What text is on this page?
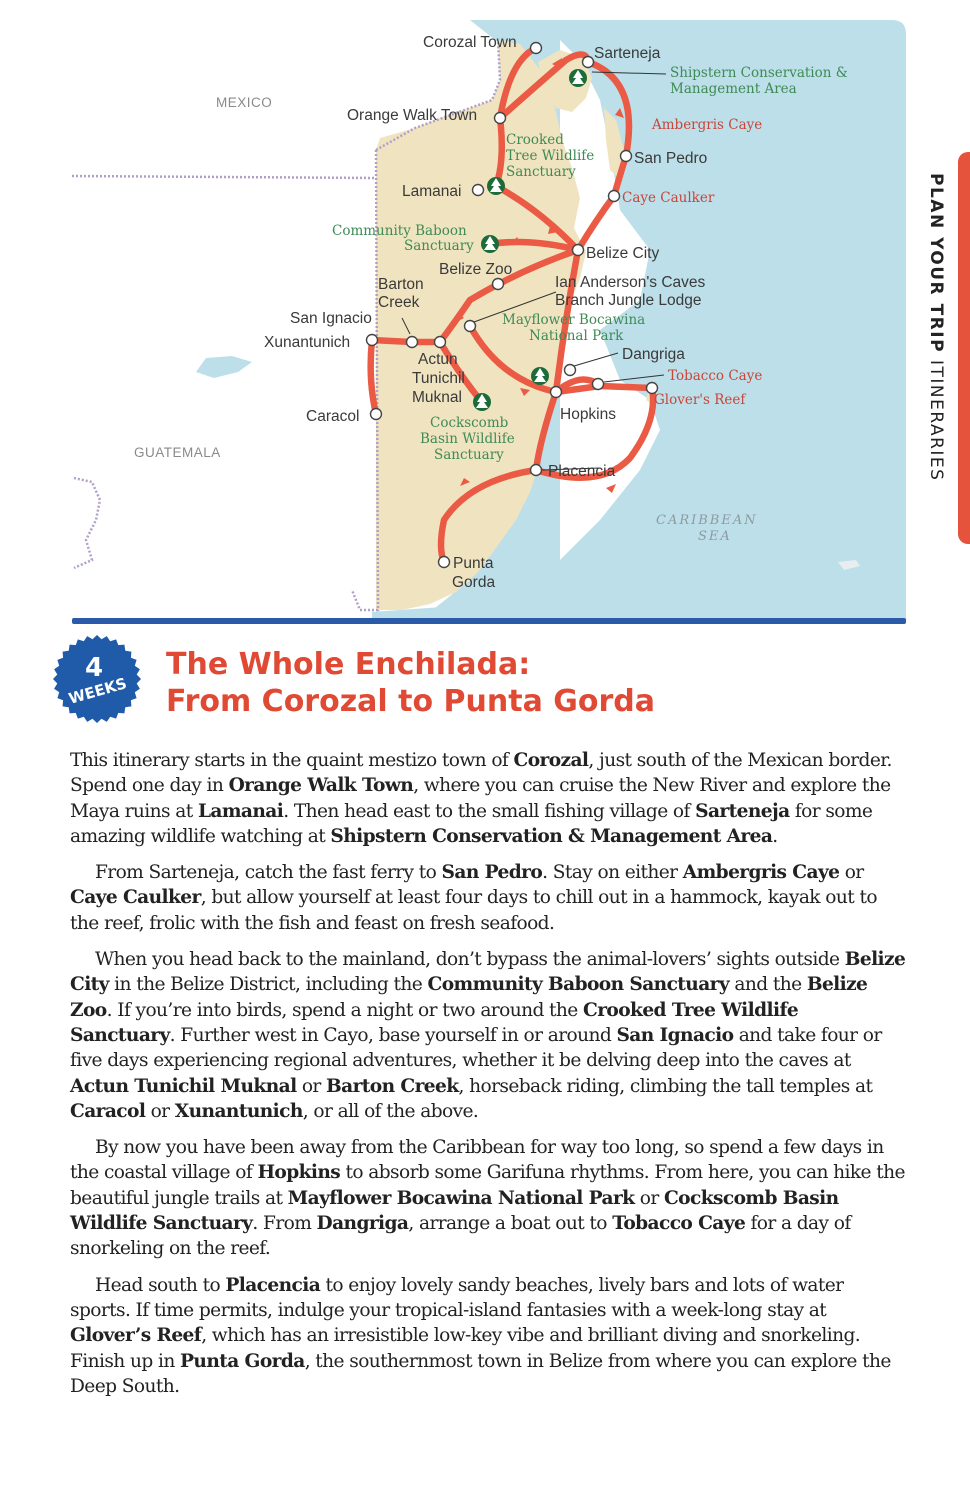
MEXICO
GUATEMALA
CARIBBEAN
SEA
Corozal Town
Sarteneja
Shipstern Conservation &
Management Area
Orange Walk Town
Ambergris Caye
Crooked
Tree Wildlife
Sanctuary
San Pedro
Lamanai	Caye Caulker
Community Baboon
Sanctuary	Belize City
Belize Zoo
Barton
Creek
Ian Anderson's Caves
Branch Jungle Lodge
San Ignacio	Mayflower Bocawina
National Park
Xunantunich
Dangriga
Actun
Tunichil
Muknal
Tobacco Caye
Glover's Reef
Caracol	Hopkins
Cockscomb
Basin Wildlife
Sanctuary
Placencia
Punta
Gorda
PLAN YOUR TRIP ITINERARIES
4
WEEKS
The Whole Enchilada:
From Corozal to Punta Gorda

This itinerary starts in the quaint mestizo town of Corozal, just south of the Mexican border. Spend one day in Orange Walk Town, where you can cruise the New River and explore the Maya ruins at Lamanai. Then head east to the small fishing village of Sarteneja for some amazing wildlife watching at Shipstern Conservation & Management Area.

From Sarteneja, catch the fast ferry to San Pedro. Stay on either Ambergris Caye or Caye Caulker, but allow yourself at least four days to chill out in a hammock, kayak out to the reef, frolic with the fish and feast on fresh seafood.

When you head back to the mainland, don’t bypass the animal-lovers’ sights outside Belize City in the Belize District, including the Community Baboon Sanctuary and the Belize Zoo. If you’re into birds, spend a night or two around the Crooked Tree Wildlife Sanctuary. Further west in Cayo, base yourself in or around San Ignacio and take four or five days experiencing regional adventures, whether it be delving deep into the caves at Actun Tunichil Muknal or Barton Creek, horseback riding, climbing the tall temples at Caracol or Xunantunich, or all of the above.

By now you have been away from the Caribbean for way too long, so spend a few days in the coastal village of Hopkins to absorb some Garifuna rhythms. From here, you can hike the beautiful jungle trails at Mayflower Bocawina National Park or Cockscomb Basin Wildlife Sanctuary. From Dangriga, arrange a boat out to Tobacco Caye for a day of snorkeling on the reef.

Head south to Placencia to enjoy lovely sandy beaches, lively bars and lots of water sports. If time permits, indulge your tropical-island fantasies with a week-long stay at Glover’s Reef, which has an irresistible low-key vibe and brilliant diving and snorkeling. Finish up in Punta Gorda, the southernmost town in Belize from where you can explore the Deep South.
